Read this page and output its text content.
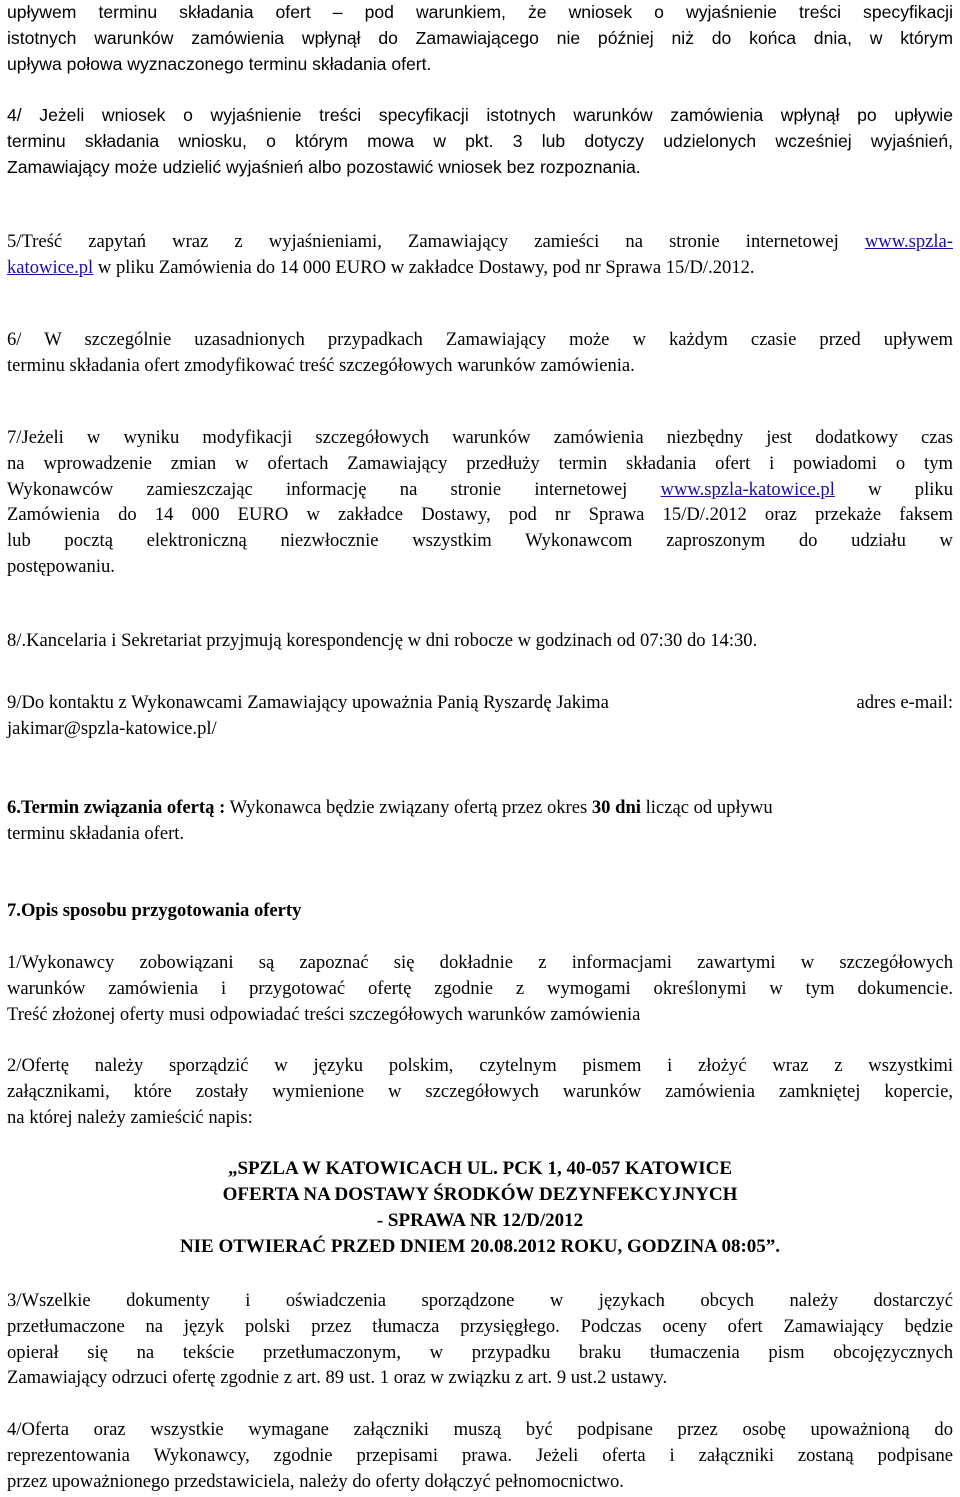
upływem terminu składania ofert – pod warunkiem, że wniosek o wyjaśnienie treści specyfikacji
istotnych warunków zamówienia wpłynął do Zamawiającego nie później niż do końca dnia, w którym
upływa połowa wyznaczonego terminu składania ofert.

4/ Jeżeli wniosek o wyjaśnienie treści specyfikacji istotnych warunków zamówienia wpłynął po upływie
terminu składania wniosku, o którym mowa w pkt. 3 lub dotyczy udzielonych wcześniej wyjaśnień,
Zamawiający może udzielić wyjaśnień albo pozostawić wniosek bez rozpoznania.

5/Treść zapytań wraz z wyjaśnieniami, Zamawiający zamieści na stronie internetowej www.spzla-
katowice.pl w pliku Zamówienia do 14 000 EURO w zakładce Dostawy, pod nr Sprawa 15/D/.2012.

6/ W szczególnie uzasadnionych przypadkach Zamawiający może w każdym czasie przed upływem
terminu składania ofert zmodyfikować treść szczegółowych warunków zamówienia.

7/Jeżeli w wyniku modyfikacji szczegółowych warunków zamówienia niezbędny jest dodatkowy czas
na wprowadzenie zmian w ofertach Zamawiający przedłuży termin składania ofert i powiadomi o tym
Wykonawców zamieszczając informację na stronie internetowej www.spzla-katowice.pl w pliku
Zamówienia do 14 000 EURO w zakładce Dostawy, pod nr Sprawa 15/D/.2012 oraz przekaże faksem
lub pocztą elektroniczną niezwłocznie wszystkim Wykonawcom zaproszonym do udziału w
postępowaniu.

8/.Kancelaria i Sekretariat przyjmują korespondencję w dni robocze w godzinach od 07:30 do 14:30.

9/Do kontaktu z Wykonawcami Zamawiający upoważnia Panią Ryszardę Jakima	adres e-mail:
jakimar@spzla-katowice.pl/

6.Termin związania ofertą : Wykonawca będzie związany ofertą przez okres 30 dni licząc od upływu
terminu składania ofert.

7.Opis sposobu przygotowania oferty

1/Wykonawcy zobowiązani są zapoznać się dokładnie z informacjami zawartymi w szczegółowych
warunków zamówienia i przygotować ofertę zgodnie z wymogami określonymi w tym dokumencie.
Treść złożonej oferty musi odpowiadać treści szczegółowych warunków zamówienia

2/Ofertę należy sporządzić w języku polskim, czytelnym pismem i złożyć wraz z wszystkimi
załącznikami, które zostały wymienione w szczegółowych warunków zamówienia zamkniętej kopercie,
na której należy zamieścić napis:

„SPZLA W KATOWICACH UL. PCK 1, 40-057 KATOWICE
OFERTA NA DOSTAWY ŚRODKÓW DEZYNFEKCYJNYCH
- SPRAWA NR 12/D/2012
NIE OTWIERAĆ PRZED DNIEM 20.08.2012 ROKU, GODZINA 08:05”.

3/Wszelkie dokumenty i oświadczenia sporządzone w językach obcych należy dostarczyć
przetłumaczone na język polski przez tłumacza przysięgłego. Podczas oceny ofert Zamawiający będzie
opierał się na tekście przetłumaczonym, w przypadku braku tłumaczenia pism obcojęzycznych
Zamawiający odrzuci ofertę zgodnie z art. 89 ust. 1 oraz w związku z art. 9 ust.2 ustawy.

4/Oferta oraz wszystkie wymagane załączniki muszą być podpisane przez osobę upoważnioną do
reprezentowania Wykonawcy, zgodnie przepisami prawa. Jeżeli oferta i załączniki zostaną podpisane
przez upoważnionego przedstawiciela, należy do oferty dołączyć pełnomocnictwo.
